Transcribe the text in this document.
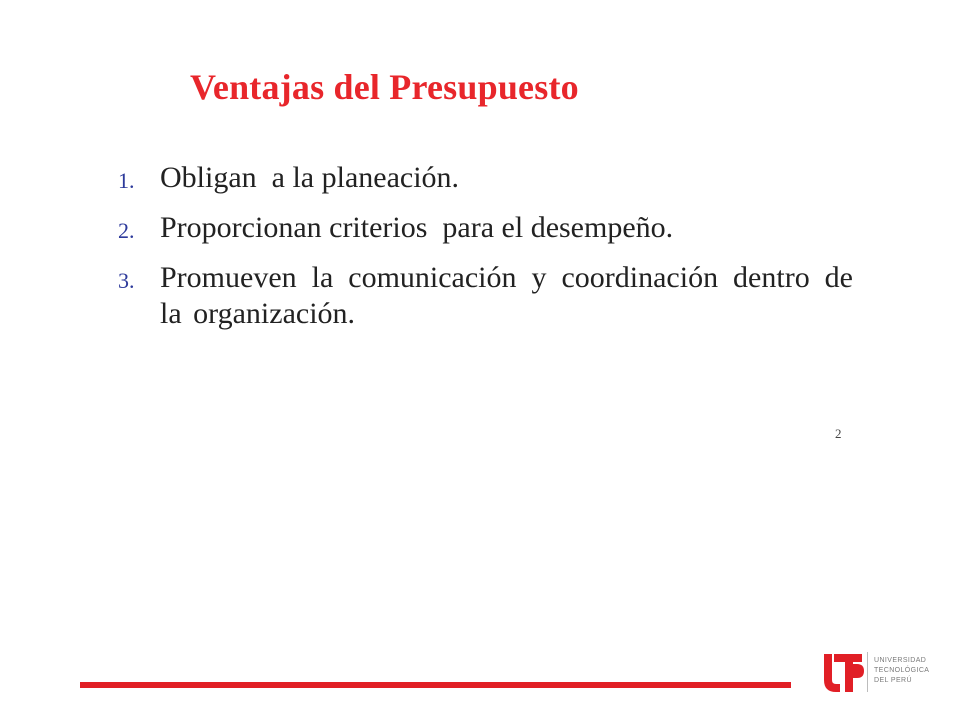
Ventajas del Presupuesto
1. Obligan  a la planeación.
2. Proporcionan criterios  para el desempeño.
3. Promueven la comunicación y coordinación dentro de la organización.
2
UNIVERSIDAD
TECNOLÓGICA
DEL PERÚ
